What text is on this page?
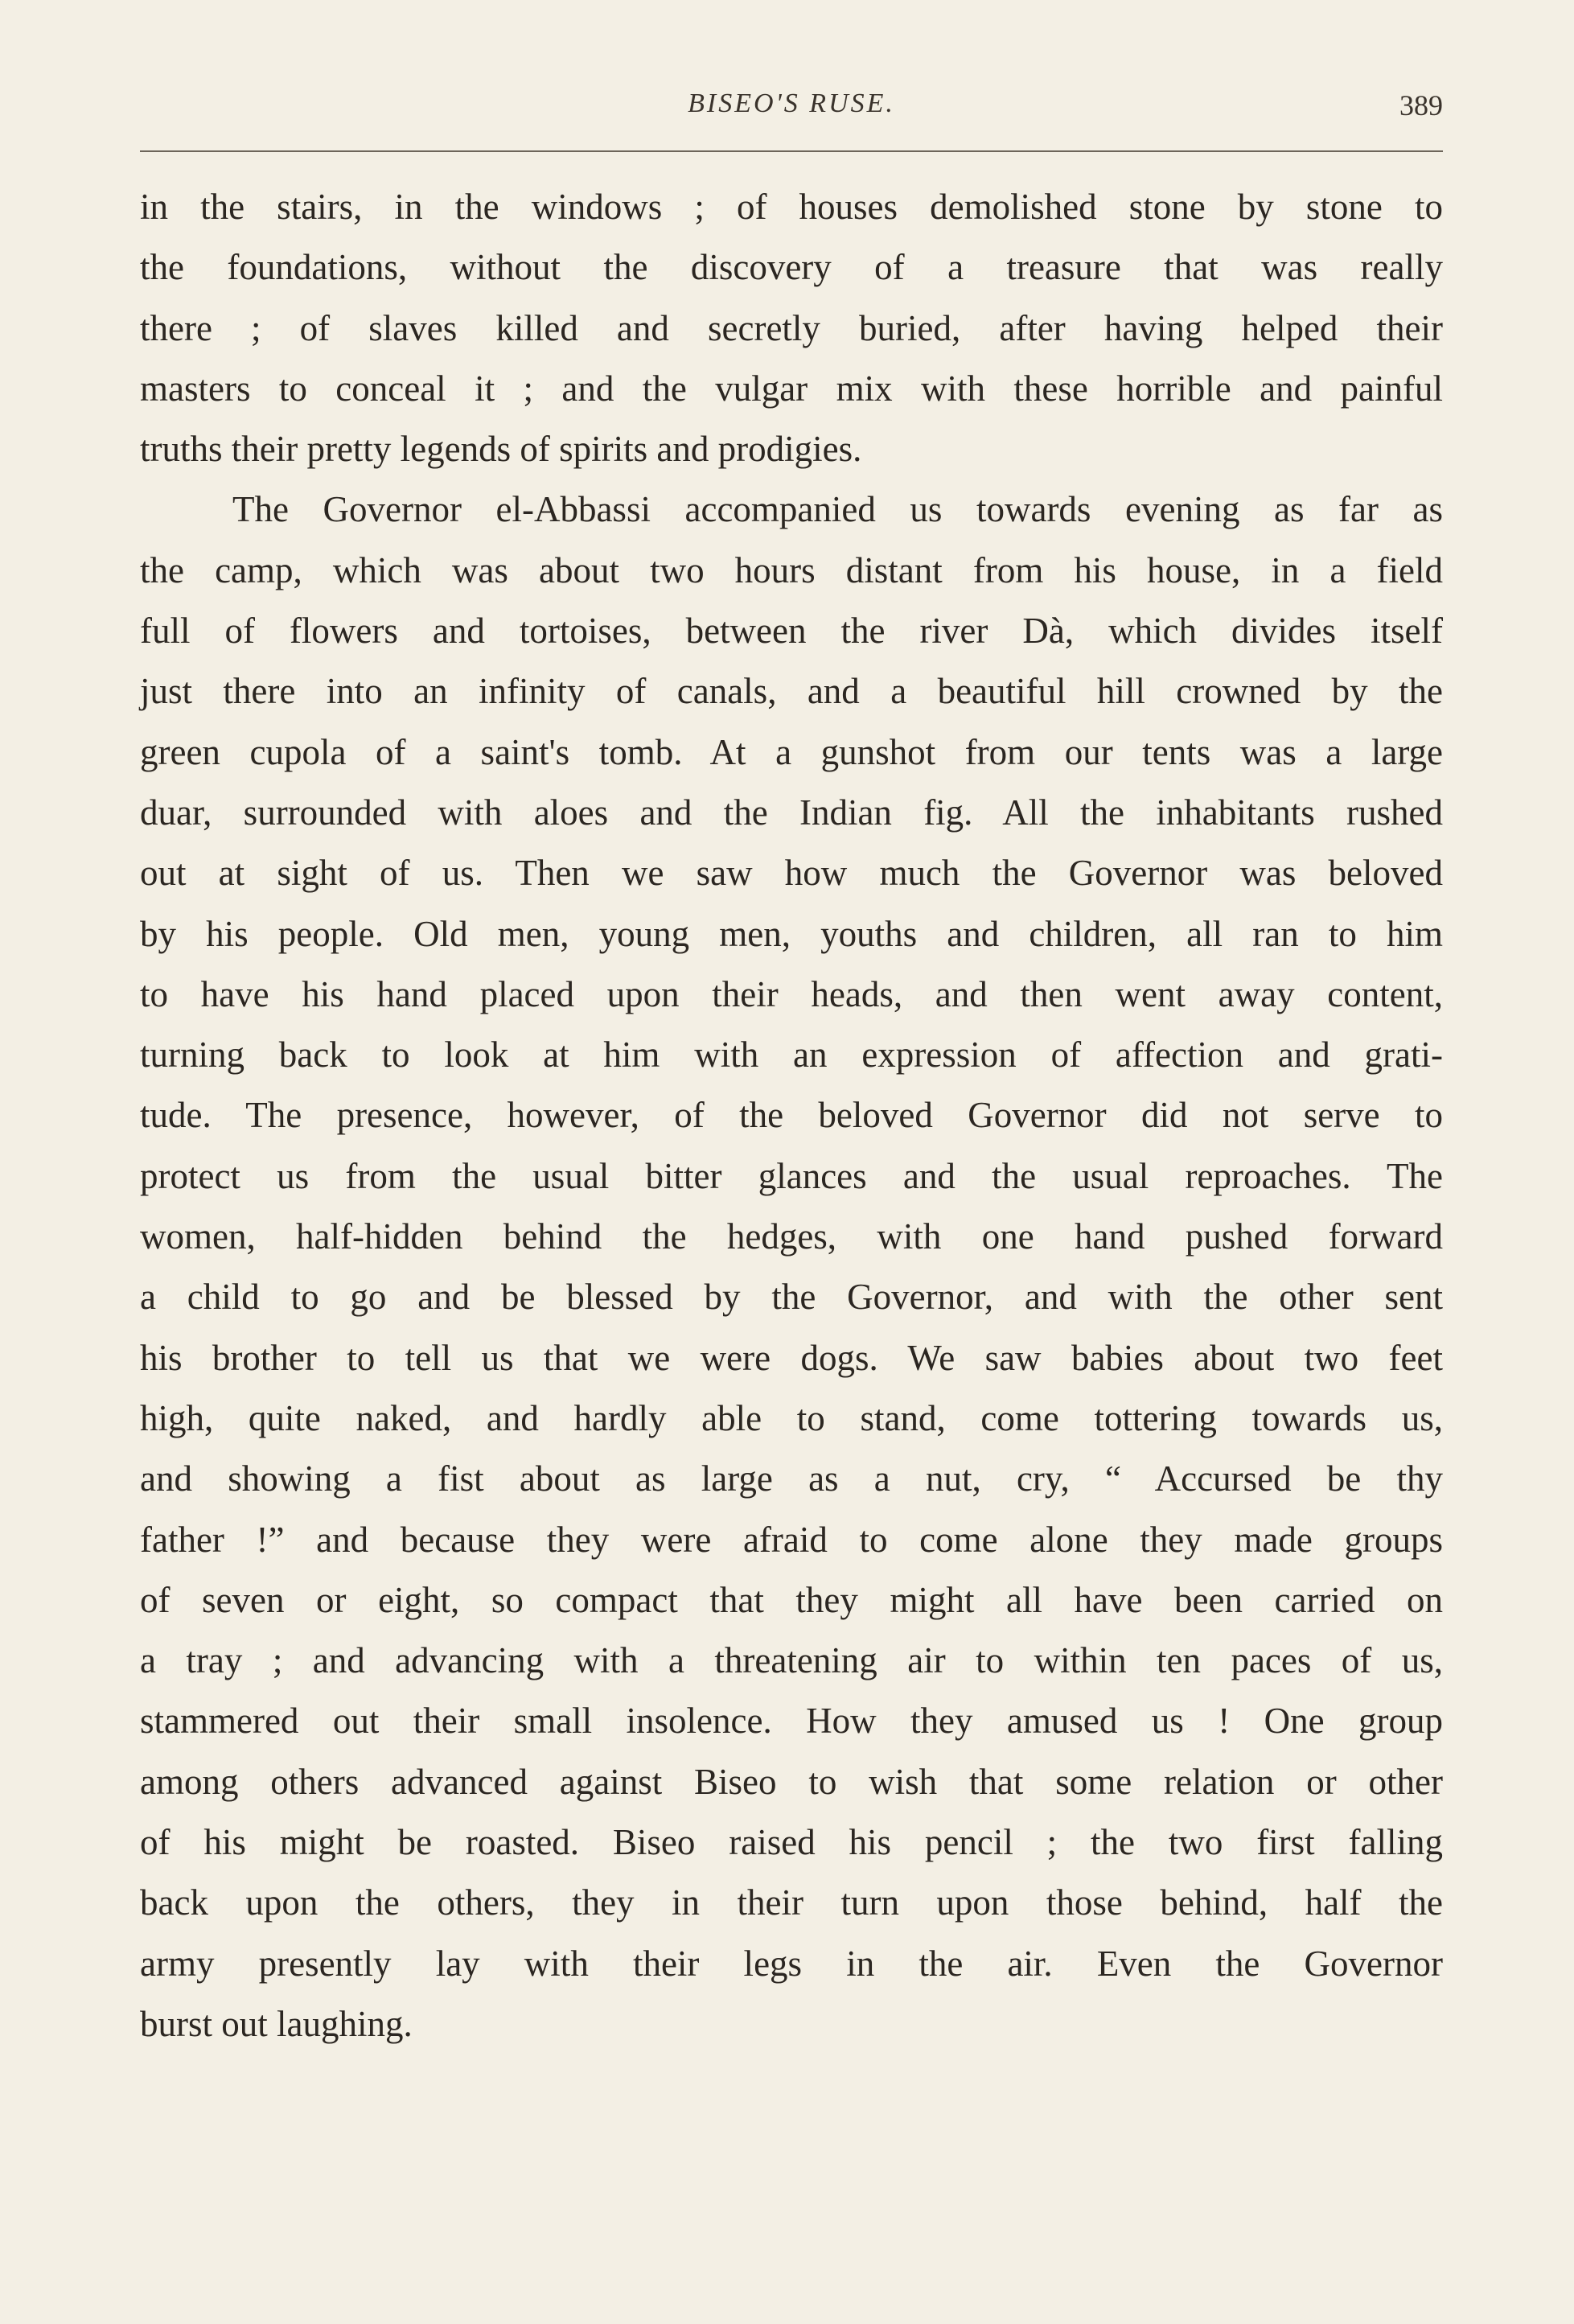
BISEO'S RUSE.	389
in the stairs, in the windows ; of houses demolished stone by stone to
the foundations, without the discovery of a treasure that was really
there ; of slaves killed and secretly buried, after having helped their
masters to conceal it ; and the vulgar mix with these horrible and painful
truths their pretty legends of spirits and prodigies.
The Governor el-Abbassi accompanied us towards evening as far as
the camp, which was about two hours distant from his house, in a field
full of flowers and tortoises, between the river Dà, which divides itself
just there into an infinity of canals, and a beautiful hill crowned by the
green cupola of a saint's tomb. At a gunshot from our tents was a large
duar, surrounded with aloes and the Indian fig. All the inhabitants rushed
out at sight of us. Then we saw how much the Governor was beloved
by his people. Old men, young men, youths and children, all ran to him
to have his hand placed upon their heads, and then went away content,
turning back to look at him with an expression of affection and grati-
tude. The presence, however, of the beloved Governor did not serve to
protect us from the usual bitter glances and the usual reproaches. The
women, half-hidden behind the hedges, with one hand pushed forward
a child to go and be blessed by the Governor, and with the other sent
his brother to tell us that we were dogs. We saw babies about two feet
high, quite naked, and hardly able to stand, come tottering towards us,
and showing a fist about as large as a nut, cry, “ Accursed be thy
father !” and because they were afraid to come alone they made groups
of seven or eight, so compact that they might all have been carried on
a tray ; and advancing with a threatening air to within ten paces of us,
stammered out their small insolence. How they amused us ! One group
among others advanced against Biseo to wish that some relation or other
of his might be roasted. Biseo raised his pencil ; the two first falling
back upon the others, they in their turn upon those behind, half the
army presently lay with their legs in the air. Even the Governor
burst out laughing.
